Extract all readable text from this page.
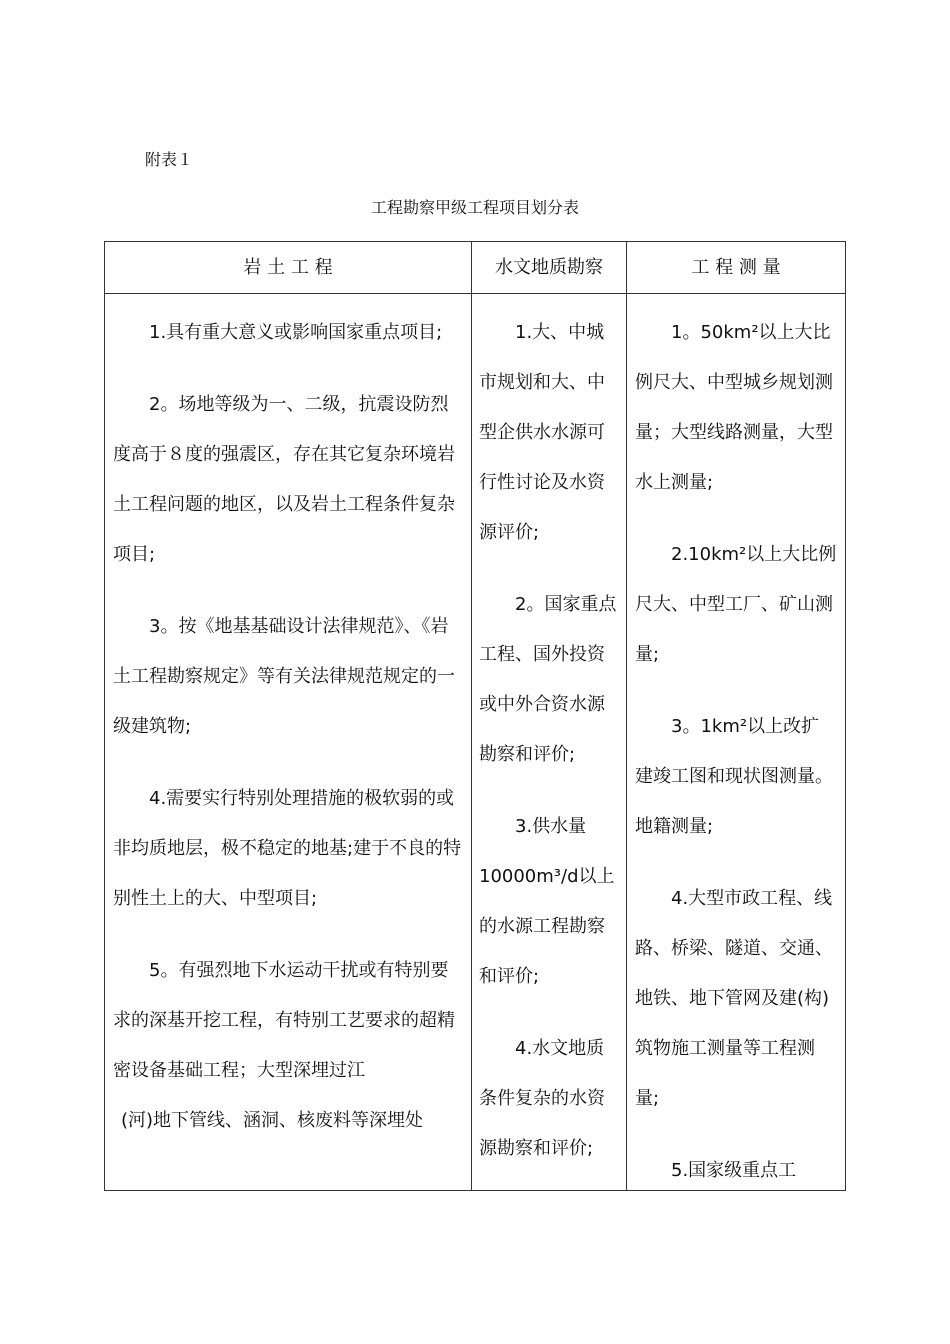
附表１
工程勘察甲级工程项目划分表
岩 土 工 程	水文地质勘察	工 程 测 量

1.具有重大意义或影响国家重点项目;

2。场地等级为一、二级，抗震设防烈度高于８度的强震区，存在其它复杂环境岩土工程问题的地区，以及岩土工程条件复杂项目;

3。按《地基基础设计法律规范》、《岩土工程勘察规定》等有关法律规范规定的一级建筑物;

4.需要实行特别处理措施的极软弱的或非均质地层，极不稳定的地基;建于不良的特别性土上的大、中型项目;

5。有强烈地下水运动干扰或有特别要求的深基开挖工程，有特别工艺要求的超精密设备基础工程；大型深埋过江

(河)地下管线、涵洞、核废料等深埋处

1.大、中城市规划和大、中型企供水水源可行性讨论及水资源评价;

2。国家重点工程、国外投资或中外合资水源勘察和评价;

3.供水量10000m³/d以上的水源工程勘察和评价;

4.水文地质条件复杂的水资源勘察和评价;

1。50km²以上大比例尺大、中型城乡规划测量；大型线路测量，大型水上测量;

2.10km²以上大比例尺大、中型工厂、矿山测量;

3。1km²以上改扩建竣工图和现状图测量。地籍测量;

4.大型市政工程、线路、桥梁、隧道、交通、地铁、地下管网及建(构)筑物施工测量等工程测量;

5.国家级重点工
